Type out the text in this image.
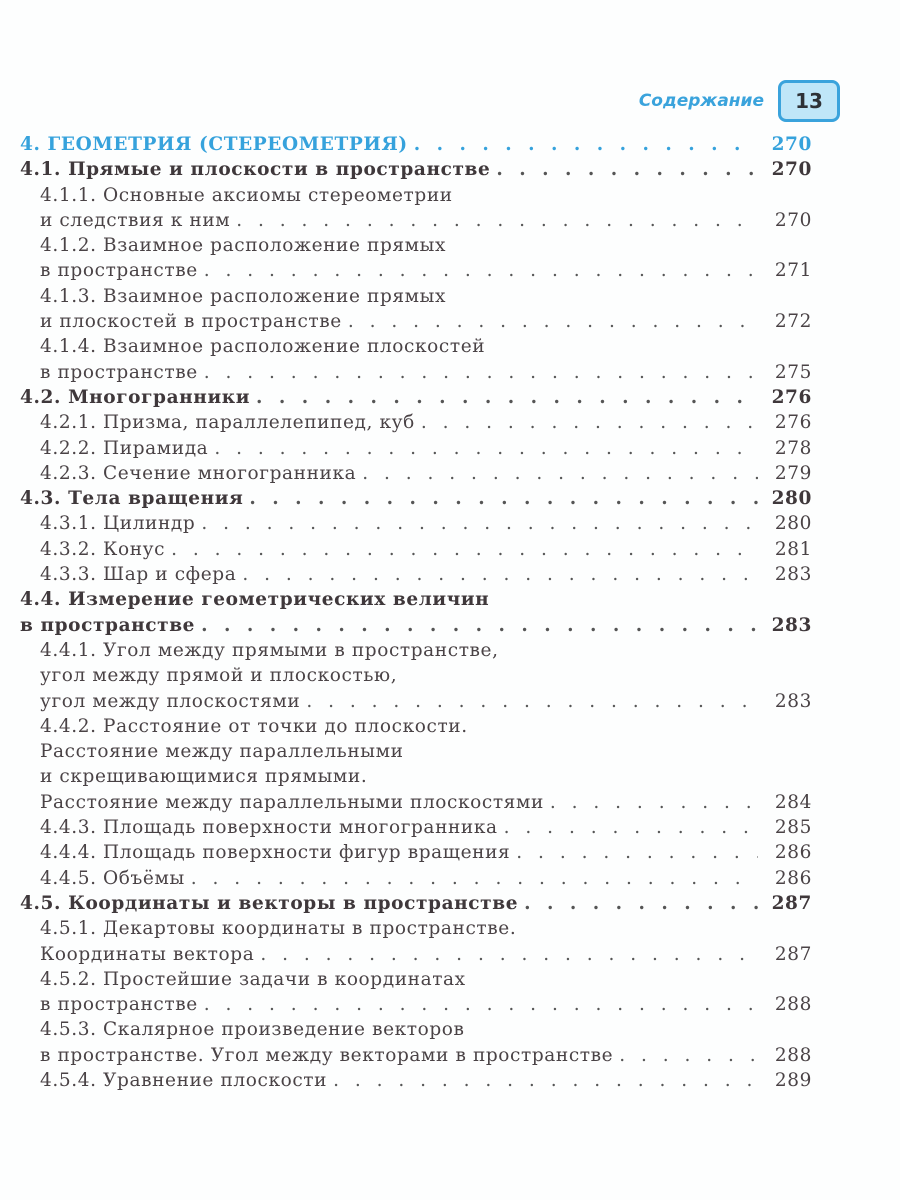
Содержание	13
4. ГЕОМЕТРИЯ (СТЕРЕОМЕТРИЯ) . . .	270
4.1. Прямые и плоскости в пространстве . . .	270
4.1.1. Основные аксиомы стереометрии
и следствия к ним . . .	270
4.1.2. Взаимное расположение прямых
в пространстве . . .	271
4.1.3. Взаимное расположение прямых
и плоскостей в пространстве . . .	272
4.1.4. Взаимное расположение плоскостей
в пространстве . . .	275
4.2. Многогранники . . .	276
4.2.1. Призма, параллелепипед, куб . . .	276
4.2.2. Пирамида . . .	278
4.2.3. Сечение многогранника . . .	279
4.3. Тела вращения . . .	280
4.3.1. Цилиндр . . .	280
4.3.2. Конус . . .	281
4.3.3. Шар и сфера . . .	283
4.4. Измерение геометрических величин
в пространстве . . .	283
4.4.1. Угол между прямыми в пространстве,
угол между прямой и плоскостью,
угол между плоскостями . . .	283
4.4.2. Расстояние от точки до плоскости.
Расстояние между параллельными
и скрещивающимися прямыми.
Расстояние между параллельными плоскостями . . .	284
4.4.3. Площадь поверхности многогранника . . .	285
4.4.4. Площадь поверхности фигур вращения . . .	286
4.4.5. Объёмы . . .	286
4.5. Координаты и векторы в пространстве . . .	287
4.5.1. Декартовы координаты в пространстве.
Координаты вектора . . .	287
4.5.2. Простейшие задачи в координатах
в пространстве . . .	288
4.5.3. Скалярное произведение векторов
в пространстве. Угол между векторами в пространстве . . .	288
4.5.4. Уравнение плоскости . . .	289
